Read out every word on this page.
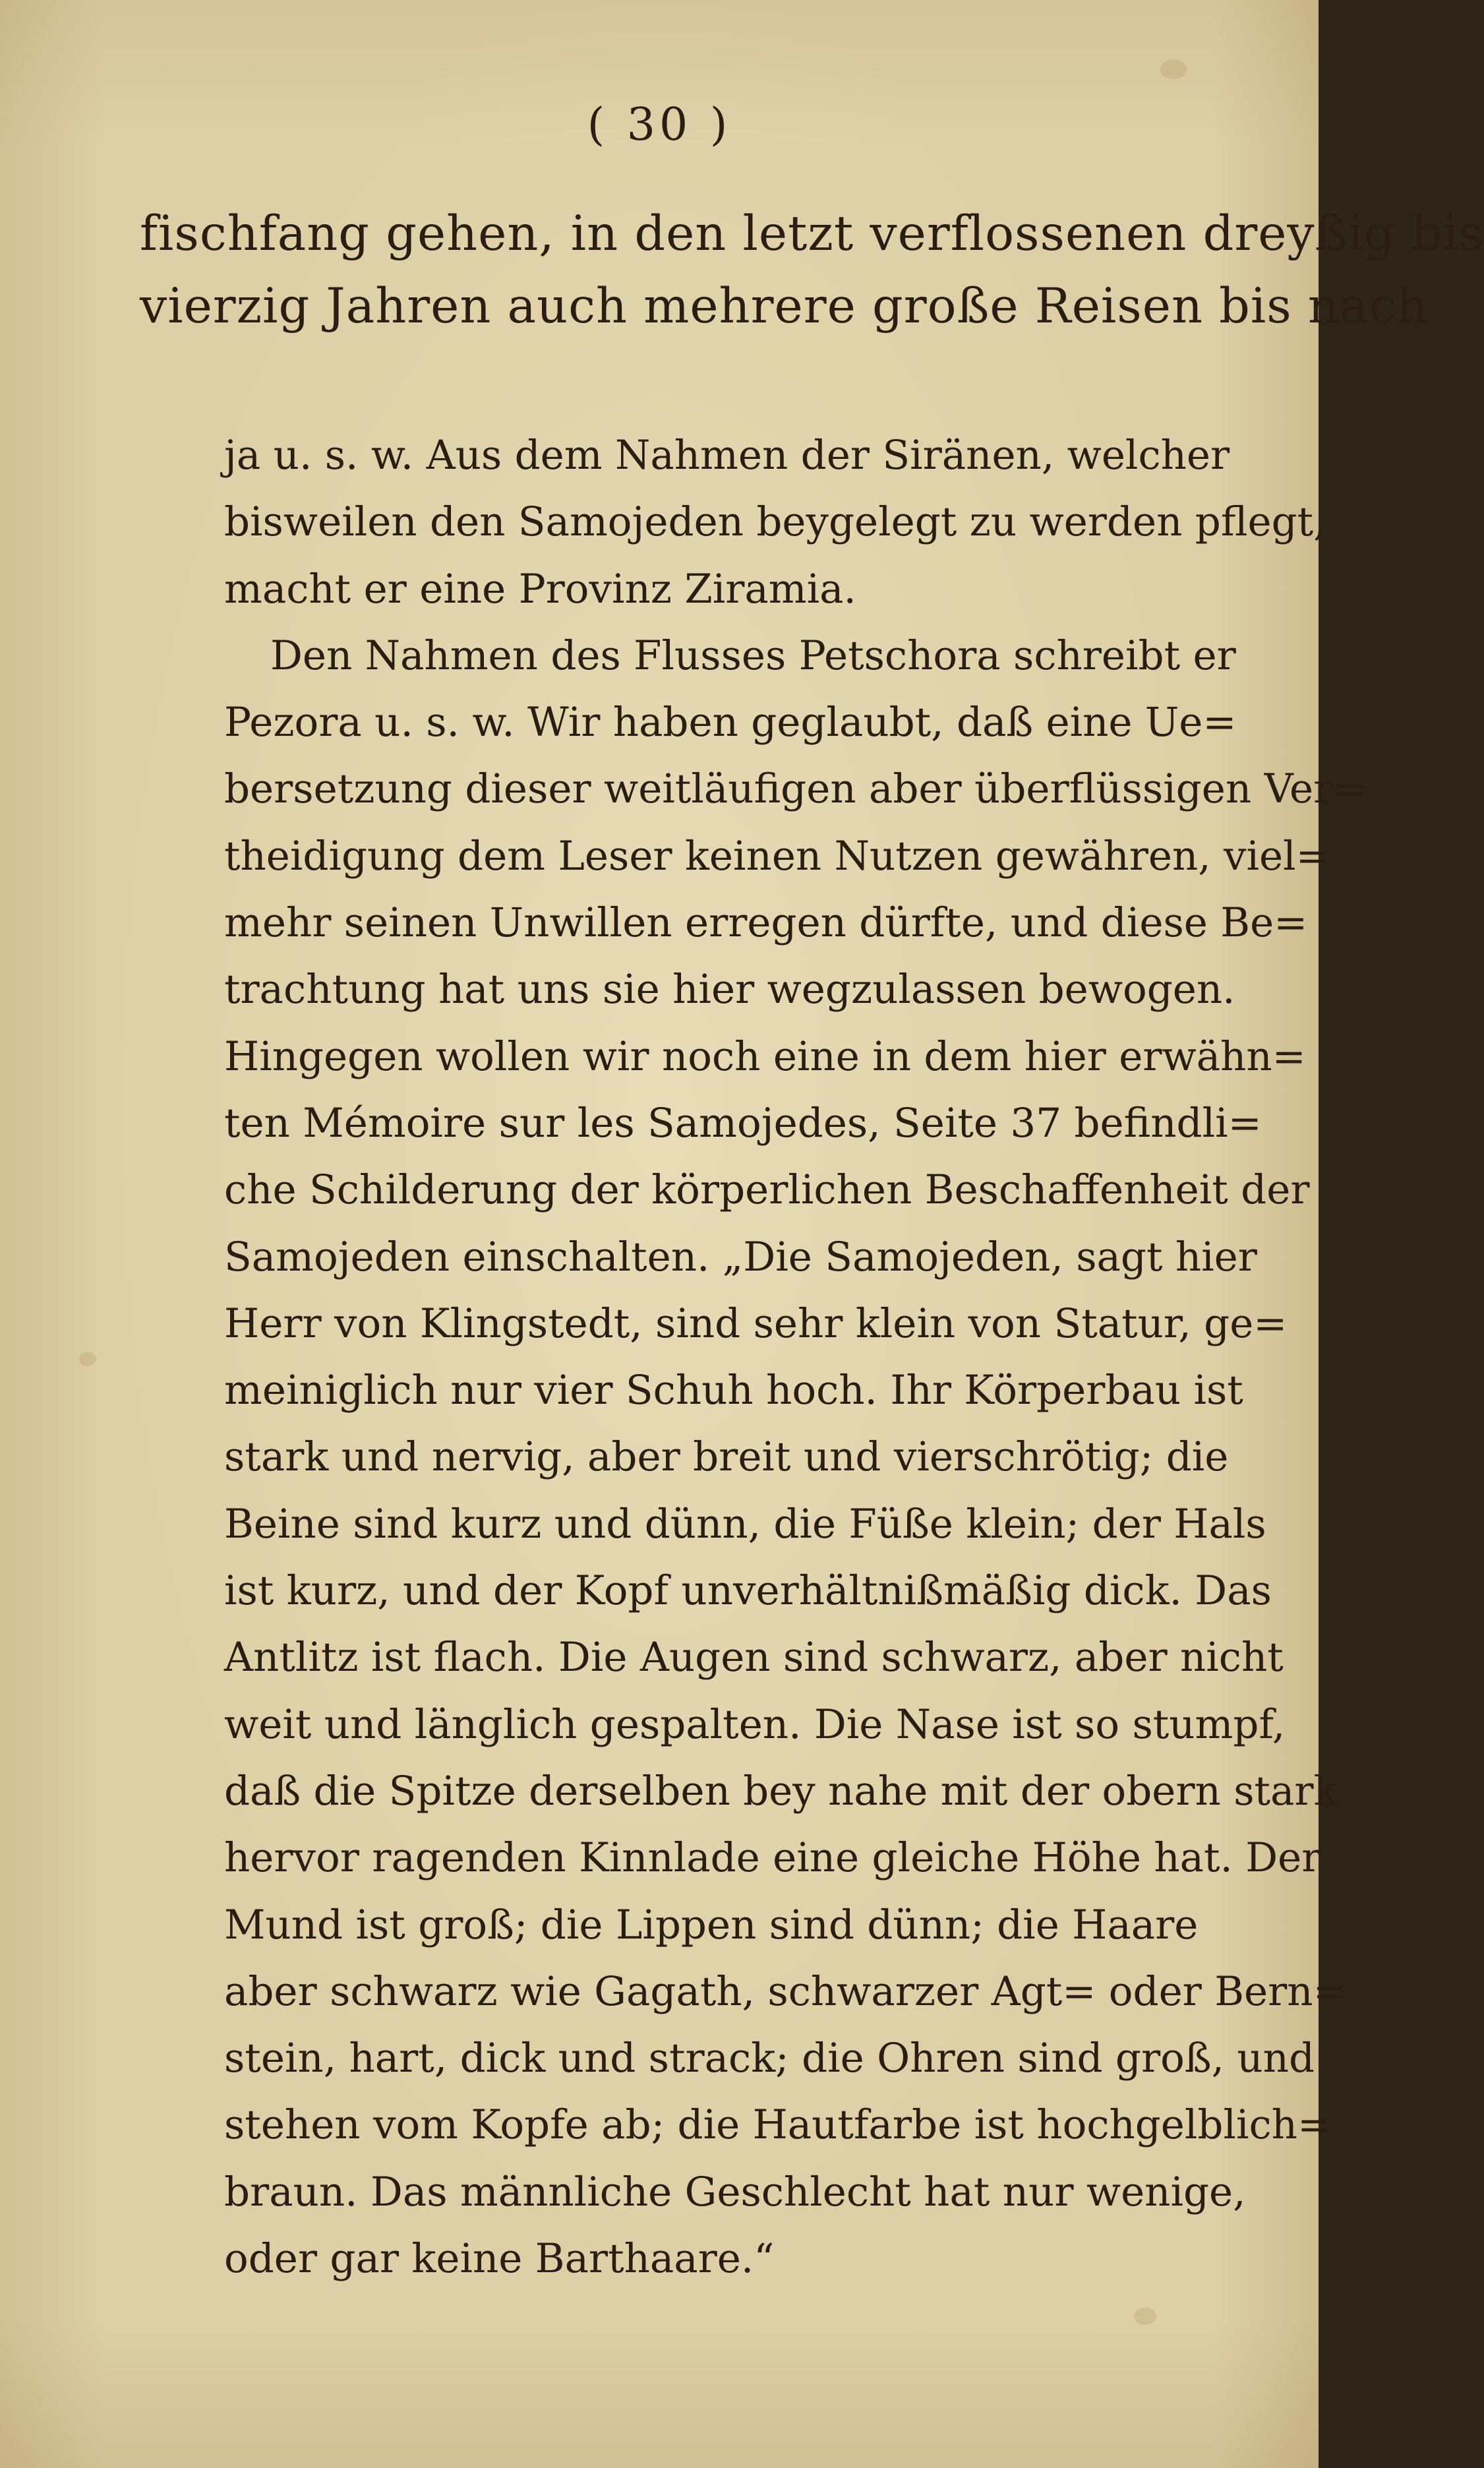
( 30 )
fischfang gehen, in den letzt verflossenen dreyßig bis
vierzig Jahren auch mehrere große Reisen bis nach
ja u. s. w. Aus dem Nahmen der Siränen, welcher
bisweilen den Samojeden beygelegt zu werden pflegt,
macht er eine Provinz Ziramia.
Den Nahmen des Flusses Petschora schreibt er
Pezora u. s. w. Wir haben geglaubt, daß eine Ue=
bersetzung dieser weitläufigen aber überflüssigen Ver=
theidigung dem Leser keinen Nutzen gewähren, viel=
mehr seinen Unwillen erregen dürfte, und diese Be=
trachtung hat uns sie hier wegzulassen bewogen.
Hingegen wollen wir noch eine in dem hier erwähn=
ten Mémoire sur les Samojedes, Seite 37 befindli=
che Schilderung der körperlichen Beschaffenheit der
Samojeden einschalten. „Die Samojeden, sagt hier
Herr von Klingstedt, sind sehr klein von Statur, ge=
meiniglich nur vier Schuh hoch. Ihr Körperbau ist
stark und nervig, aber breit und vierschrötig; die
Beine sind kurz und dünn, die Füße klein; der Hals
ist kurz, und der Kopf unverhältnißmäßig dick. Das
Antlitz ist flach. Die Augen sind schwarz, aber nicht
weit und länglich gespalten. Die Nase ist so stumpf,
daß die Spitze derselben bey nahe mit der obern stark
hervor ragenden Kinnlade eine gleiche Höhe hat. Der
Mund ist groß; die Lippen sind dünn; die Haare
aber schwarz wie Gagath, schwarzer Agt= oder Bern=
stein, hart, dick und strack; die Ohren sind groß, und
stehen vom Kopfe ab; die Hautfarbe ist hochgelblich=
braun. Das männliche Geschlecht hat nur wenige,
oder gar keine Barthaare.“
